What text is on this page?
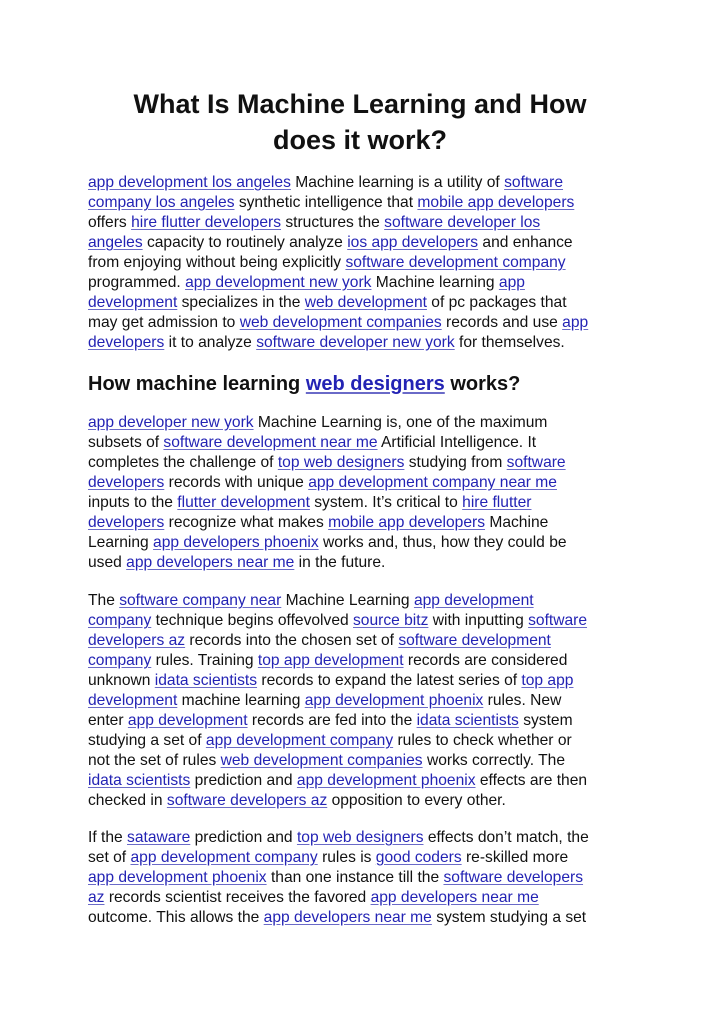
What Is Machine Learning and How
does it work?
app development los angeles Machine learning is a utility of software
company los angeles synthetic intelligence that mobile app developers
offers hire flutter developers structures the software developer los
angeles capacity to routinely analyze ios app developers and enhance
from enjoying without being explicitly software development company
programmed. app development new york Machine learning app
development specializes in the web development of pc packages that
may get admission to web development companies records and use app
developers it to analyze software developer new york for themselves.
How machine learning web designers works?
app developer new york Machine Learning is, one of the maximum
subsets of software development near me Artificial Intelligence. It
completes the challenge of top web designers studying from software
developers records with unique app development company near me
inputs to the flutter development system. It’s critical to hire flutter
developers recognize what makes mobile app developers Machine
Learning app developers phoenix works and, thus, how they could be
used app developers near me in the future.
The software company near Machine Learning app development
company technique begins offevolved source bitz with inputting software
developers az records into the chosen set of software development
company rules. Training top app development records are considered
unknown idata scientists records to expand the latest series of top app
development machine learning app development phoenix rules. New
enter app development records are fed into the idata scientists system
studying a set of app development company rules to check whether or
not the set of rules web development companies works correctly. The
idata scientists prediction and app development phoenix effects are then
checked in software developers az opposition to every other.
If the sataware prediction and top web designers effects don’t match, the
set of app development company rules is good coders re-skilled more
app development phoenix than one instance till the software developers
az records scientist receives the favored app developers near me
outcome. This allows the app developers near me system studying a set
